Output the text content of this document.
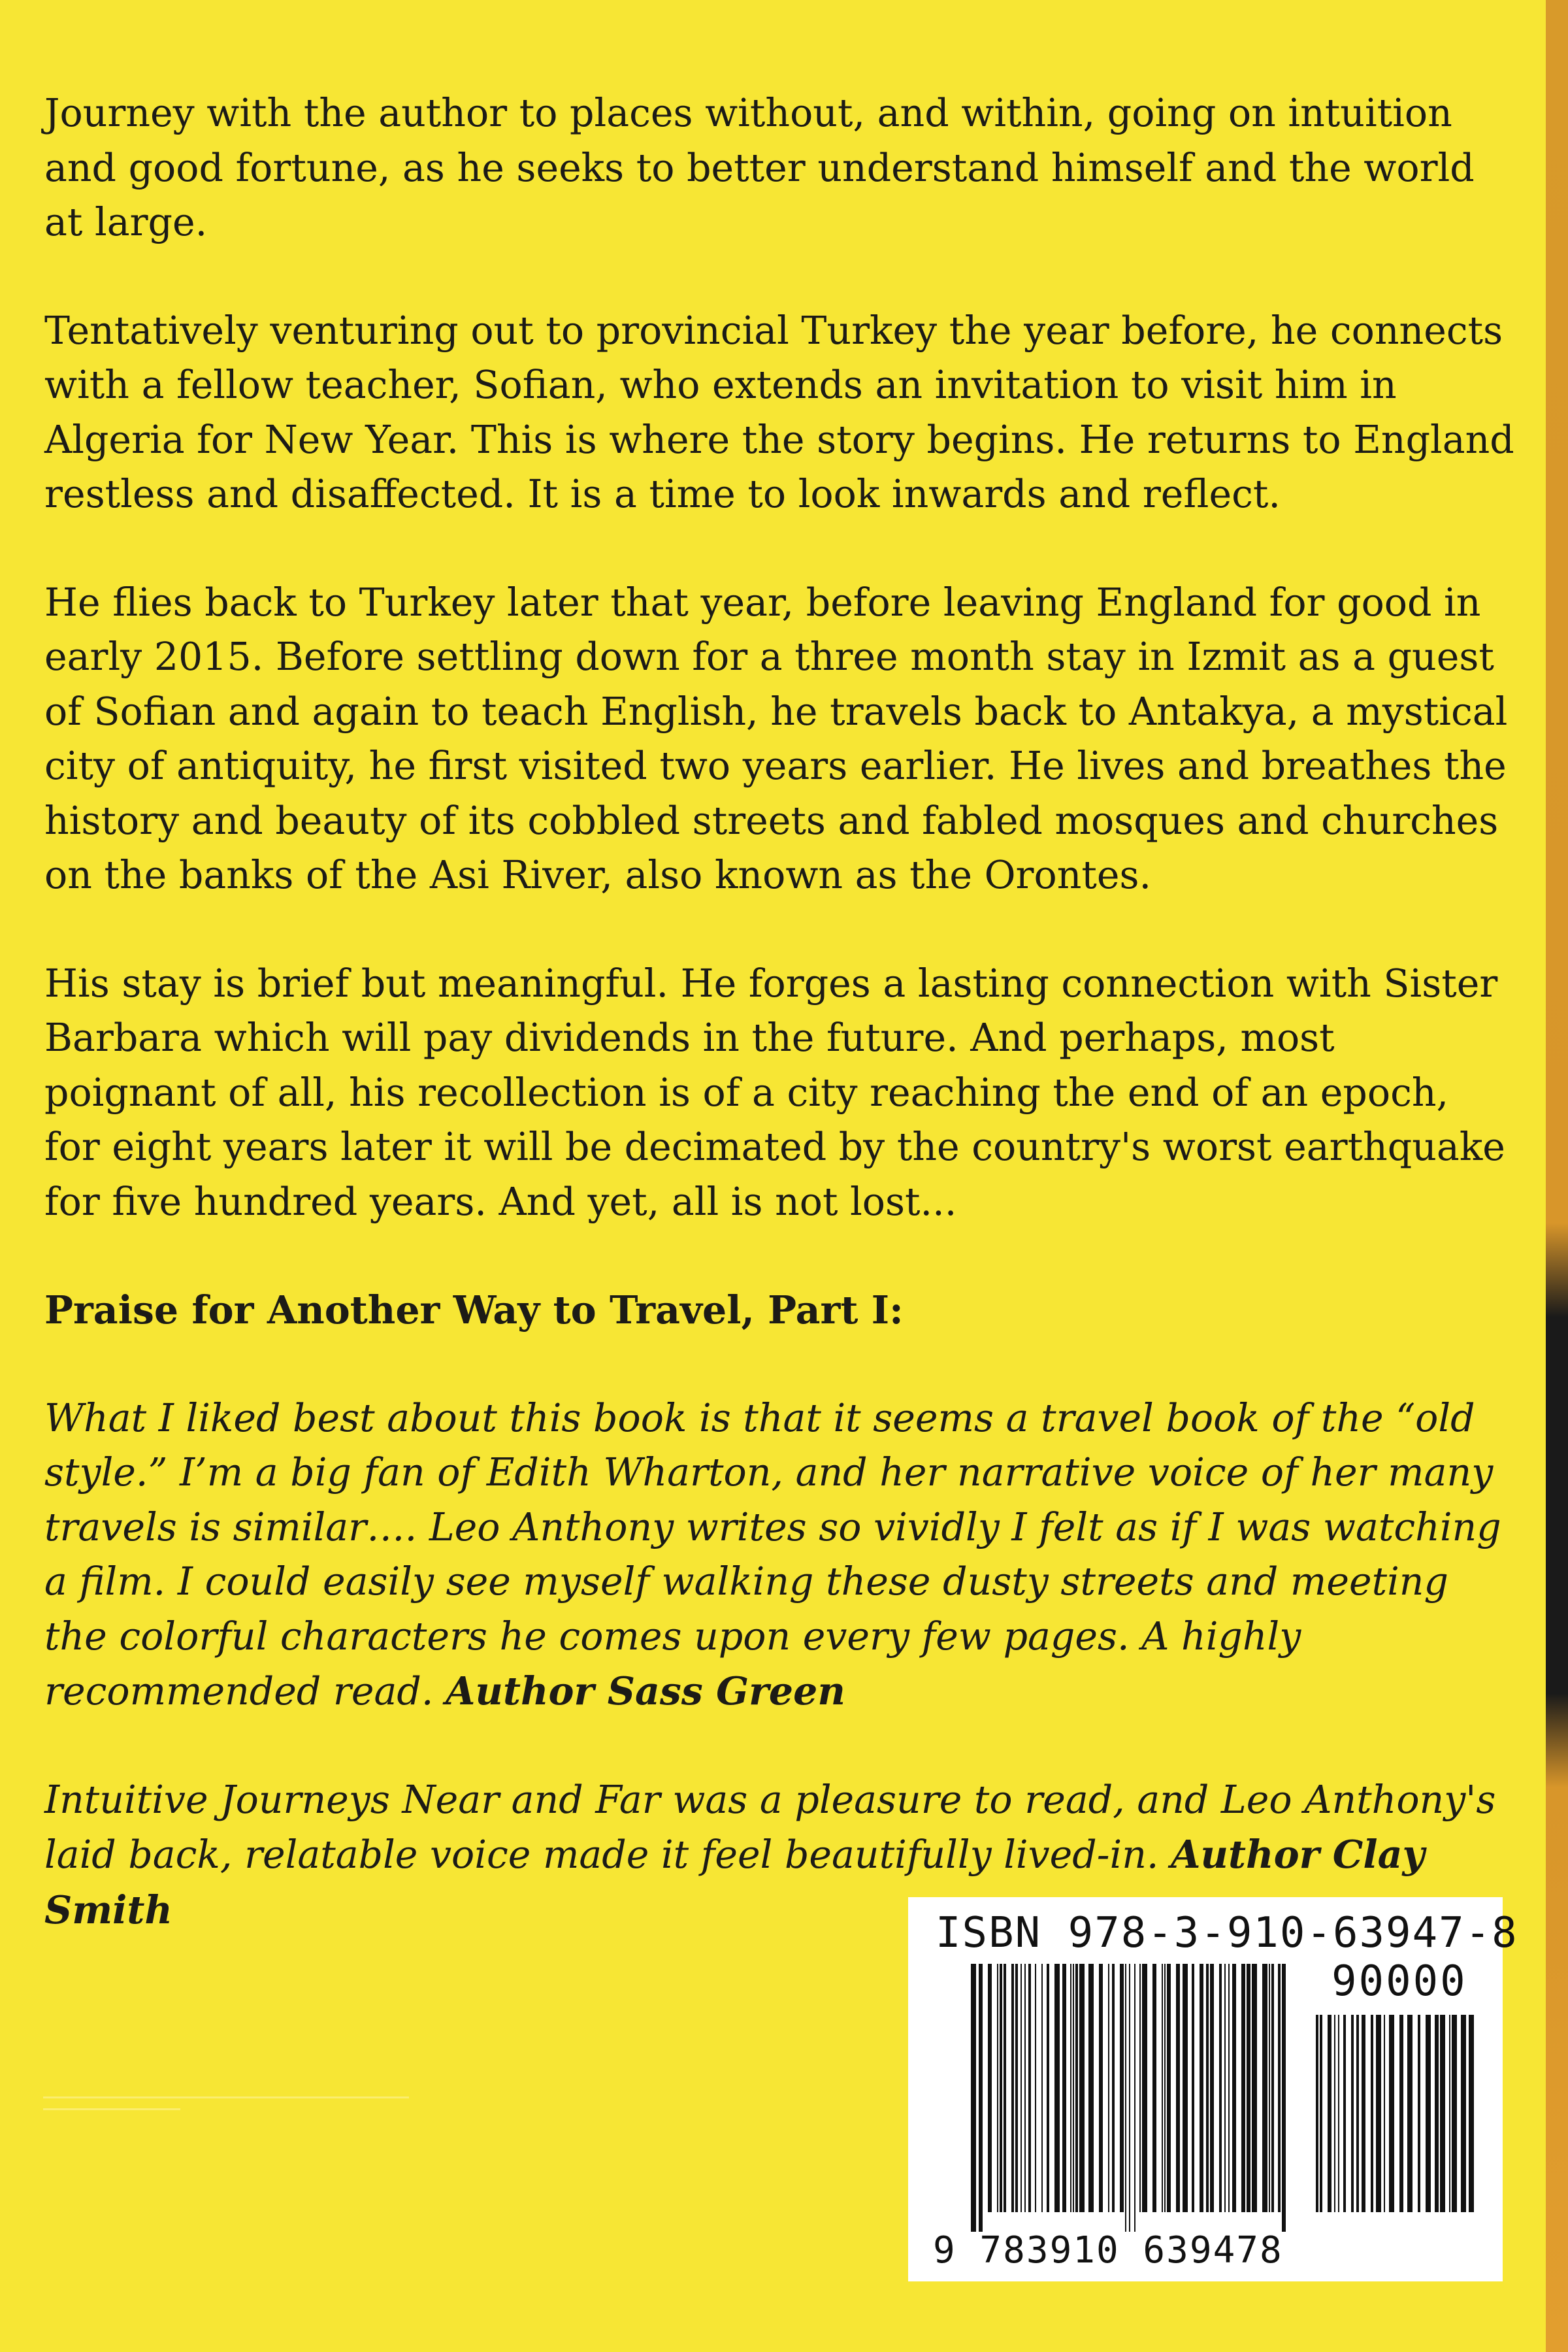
Journey with the author to places without, and within, going on intuition and good fortune, as he seeks to better understand himself and the world at large.

Tentatively venturing out to provincial Turkey the year before, he connects with a fellow teacher, Sofian, who extends an invitation to visit him in Algeria for New Year. This is where the story begins. He returns to England restless and disaffected. It is a time to look inwards and reflect.

He flies back to Turkey later that year, before leaving England for good in early 2015. Before settling down for a three month stay in Izmit as a guest of Sofian and again to teach English, he travels back to Antakya, a mystical city of antiquity, he first visited two years earlier. He lives and breathes the history and beauty of its cobbled streets and fabled mosques and churches on the banks of the Asi River, also known as the Orontes.

His stay is brief but meaningful. He forges a lasting connection with Sister Barbara which will pay dividends in the future. And perhaps, most poignant of all, his recollection is of a city reaching the end of an epoch, for eight years later it will be decimated by the country's worst earthquake for five hundred years. And yet, all is not lost...

Praise for Another Way to Travel, Part I:

What I liked best about this book is that it seems a travel book of the “old style.” I’m a big fan of Edith Wharton, and her narrative voice of her many travels is similar…. Leo Anthony writes so vividly I felt as if I was watching a film. I could easily see myself walking these dusty streets and meeting the colorful characters he comes upon every few pages. A highly recommended read. Author Sass Green

Intuitive Journeys Near and Far was a pleasure to read, and Leo Anthony's laid back, relatable voice made it feel beautifully lived-in. Author Clay Smith	ISBN 978-3-910-63947-8
90000
9 783910 639478
